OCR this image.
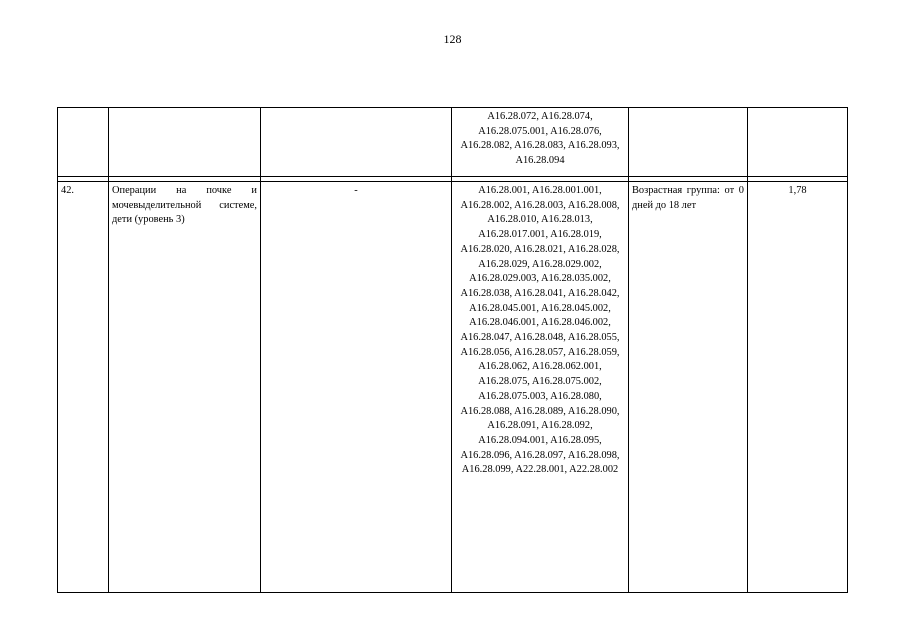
128
			A16.28.072, A16.28.074, A16.28.075.001, A16.28.076, A16.28.082, A16.28.083, A16.28.093, A16.28.094		

42.	Операции на почке и мочевыделительной системе, дети (уровень 3)	-	A16.28.001, A16.28.001.001, A16.28.002, A16.28.003, A16.28.008, A16.28.010, A16.28.013, A16.28.017.001, A16.28.019, A16.28.020, A16.28.021, A16.28.028, A16.28.029, A16.28.029.002, A16.28.029.003, A16.28.035.002, A16.28.038, A16.28.041, A16.28.042, A16.28.045.001, A16.28.045.002, A16.28.046.001, A16.28.046.002, A16.28.047, A16.28.048, A16.28.055, A16.28.056, A16.28.057, A16.28.059, A16.28.062, A16.28.062.001, A16.28.075, A16.28.075.002, A16.28.075.003, A16.28.080, A16.28.088, A16.28.089, A16.28.090, A16.28.091, A16.28.092, A16.28.094.001, A16.28.095, A16.28.096, A16.28.097, A16.28.098, A16.28.099, A22.28.001, A22.28.002	Возрастная группа: от 0 дней до 18 лет	1,78
